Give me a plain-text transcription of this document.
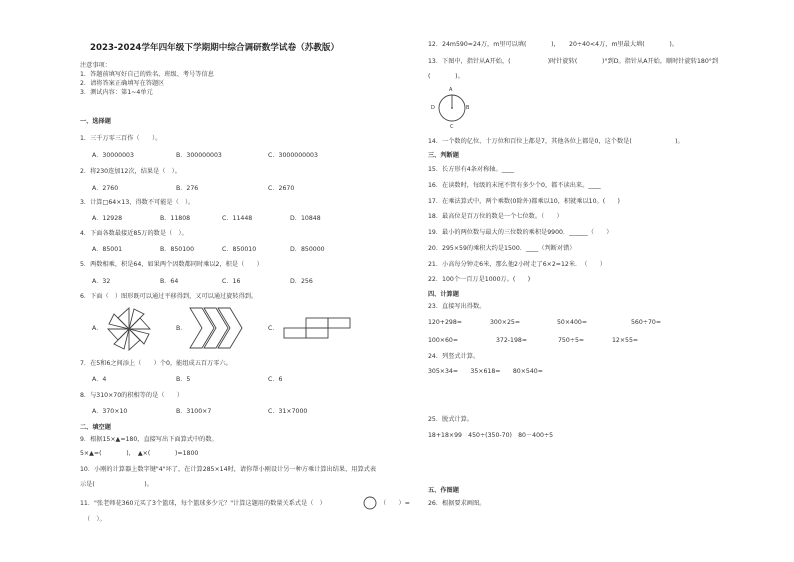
2023-2024学年四年级下学期期中综合调研数学试卷（苏教版）
注意事项：
1．答题前填写好自己的姓名、班级、考号等信息
2．请将答案正确填写在答题区
3．测试内容：第1~4单元
一、选择题
1．三千万零三百作（　　）。
A．30000003	B．300000003	C．3000000003
2．将230连加12次，结果是（　）。
A．2760	B．276	C．2670
3．计算□64×13，得数不可能是（　）。
A．12928	B．11808	C．11448	D．10848
4．下面各数最接近85万的数是（　）。
A．85001	B．850100	C．850010	D．850000
5．两数相乘，积是64，如果两个因数都同时乘以2，积是（　　）
A．32	B．64	C．16	D．256
6．下面（　）图形既可以通过平移得到，又可以通过旋转得到。
A．	B．	C．
7．在5和6之间添上（　　）个0，能组成五百万零六。
A．4	B．5	C．6
8．与310×70的积相等的是（　　）
A．370×10	B．3100×7	C．31×7000
二、填空题
9．根据15×▲=180，直接写出下面算式中的数。
5×▲=(　　　　)，　▲×(　　　　)=1800
10．小刚的计算器上数字键"4"坏了，在计算285×14时，请你帮小刚设计另一种方乘计算出结果，用算式表
示是(　　　　　　　　)。
11．"张老师花360元买了3个篮球，每个篮球多少元？"计算这题用的数量关系式是（　）	（　　）=
（　）。
12．24m590≈24万，m里可以填(　　　　)，　　20÷40<4万，m里最大填(　　　　)。
13．下图中，指针从A开始，(　　　　　　)时针旋转(　　　　)°到D。指针从A开始，顺时针旋转180°到
(　　　　)。
A
B
C
D
14．一个数的亿位、十万位和百位上都是7，其他各位上都是0，这个数是(　　　　　　　)。
三、判断题
15．长方形有4条对称轴。____
16．在读数时，每级的末尾不管有多少个0，都不读出来。____
17．在乘法算式中，两个乘数(0除外)都乘以10，积就乘以10。(　　)
18．最高位是百万位的数是一个七位数。（　　）
19．最小的两位数与最大的三位数的乘积是9900．______（　　）
20．295×59的乘积大约是1500．____（判断对错）
21．小高每分钟走6米，那么他2小时走了6×2=12米．　（　　）
22．100个一百万是1000万。(　　)
四、计算题
23．直接写出得数。
120+298=	300×25=	50×400=	560÷70=
100×60=	372-198=	750÷5=	12×55=
24．列竖式计算。
305×34=　　35×618=　　80×540=
25．脱式计算。
18+18×99　450÷(350-70)　80－400÷5
五、作图题
26．根据要求画图。
